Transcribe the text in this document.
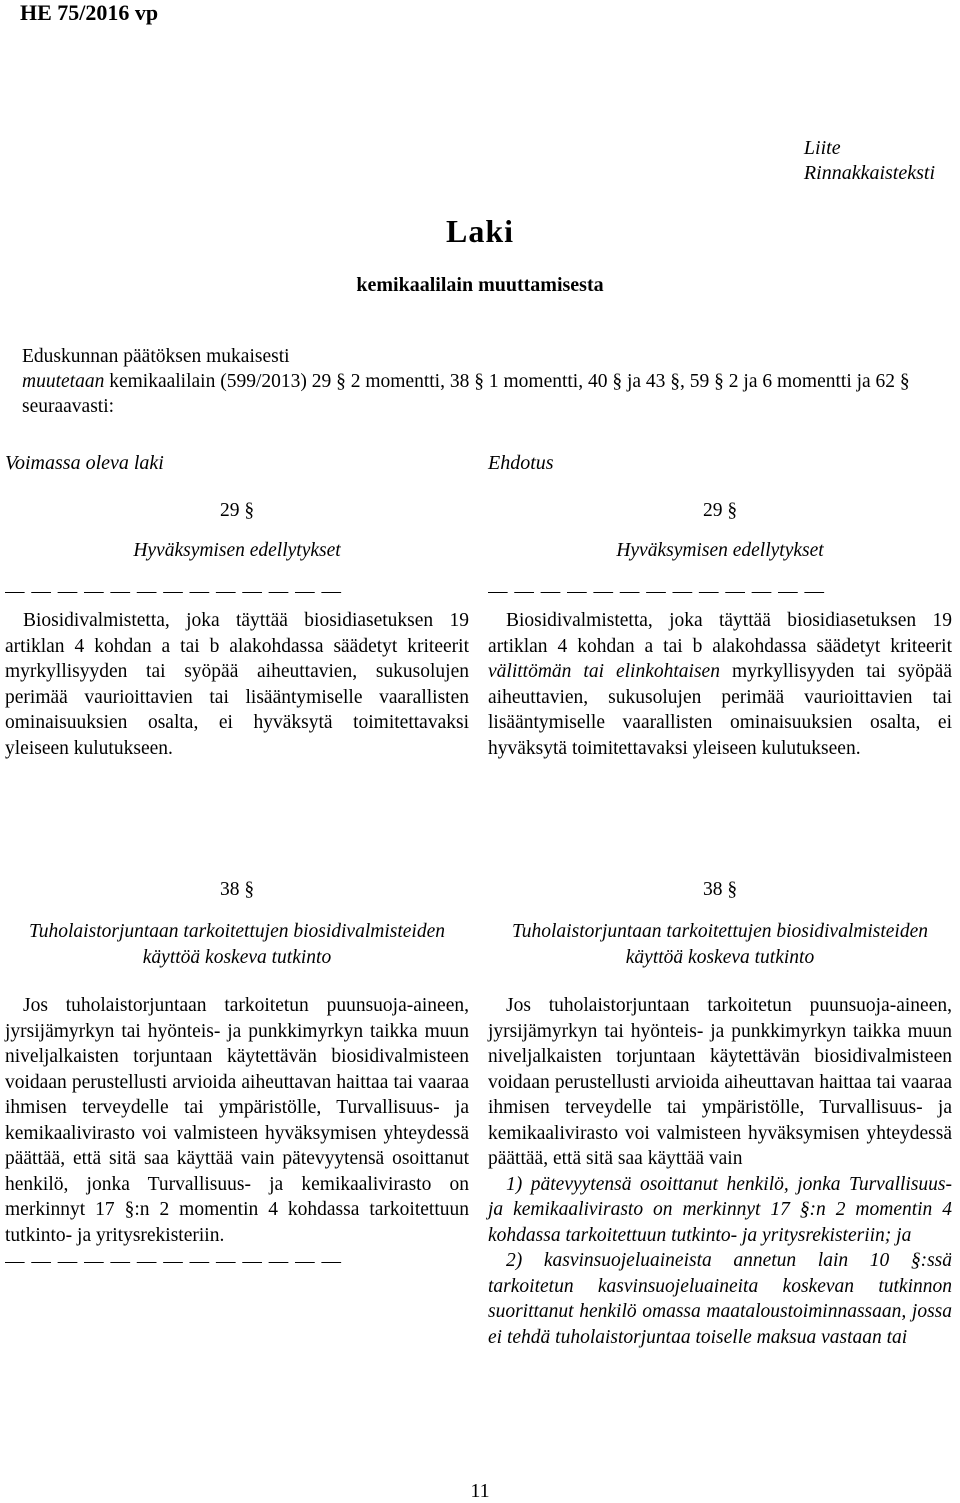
HE 75/2016 vp
Liite
Rinnakkaisteksti
Laki
kemikaalilain muuttamisesta

Eduskunnan päätöksen mukaisesti

muutetaan kemikaalilain (599/2013) 29 § 2 momentti, 38 § 1 momentti, 40 § ja 43 §, 59 § 2 ja 6 momentti ja 62 § seuraavasti:

Voimassa oleva laki	Ehdotus
29 §
Hyväksymisen edellytykset
— — — — — — — — — — — — —

Biosidivalmistetta, joka täyttää biosidiasetuksen 19 artiklan 4 kohdan a tai b alakohdassa säädetyt kriteerit myrkyllisyyden tai syöpää aiheuttavien, sukusolujen perimää vaurioittavien tai lisääntymiselle vaarallisten ominaisuuksien osalta, ei hyväksytä toimitettavaksi yleiseen kulutukseen.

29 §
Hyväksymisen edellytykset
— — — — — — — — — — — — —

Biosidivalmistetta, joka täyttää biosidiasetuksen 19 artiklan 4 kohdan a tai b alakohdassa säädetyt kriteerit välittömän tai elinkohtaisen myrkyllisyyden tai syöpää aiheuttavien, sukusolujen perimää vaurioittavien tai lisääntymiselle vaarallisten ominaisuuksien osalta, ei hyväksytä toimitettavaksi yleiseen kulutukseen.

38 §
Tuholaistorjuntaan tarkoitettujen biosidivalmisteiden käyttöä koskeva tutkinto

Jos tuholaistorjuntaan tarkoitetun puunsuoja-aineen, jyrsijämyrkyn tai hyönteis- ja punkkimyrkyn taikka muun niveljalkaisten torjuntaan käytettävän biosidivalmisteen voidaan perustellusti arvioida aiheuttavan haittaa tai vaaraa ihmisen terveydelle tai ympäristölle, Turvallisuus- ja kemikaalivirasto voi valmisteen hyväksymisen yhteydessä päättää, että sitä saa käyttää vain pätevyytensä osoittanut henkilö, jonka Turvallisuus- ja kemikaalivirasto on merkinnyt 17 §:n 2 momentin 4 kohdassa tarkoitettuun tutkinto- ja yritysrekisteriin.

— — — — — — — — — — — — —
38 §
Tuholaistorjuntaan tarkoitettujen biosidivalmisteiden käyttöä koskeva tutkinto

Jos tuholaistorjuntaan tarkoitetun puunsuoja-aineen, jyrsijämyrkyn tai hyönteis- ja punkkimyrkyn taikka muun niveljalkaisten torjuntaan käytettävän biosidivalmisteen voidaan perustellusti arvioida aiheuttavan haittaa tai vaaraa ihmisen terveydelle tai ympäristölle, Turvallisuus- ja kemikaalivirasto voi valmisteen hyväksymisen yhteydessä päättää, että sitä saa käyttää vain

1) pätevyytensä osoittanut henkilö, jonka Turvallisuus- ja kemikaalivirasto on merkinnyt 17 §:n 2 momentin 4 kohdassa tarkoitettuun tutkinto- ja yritysrekisteriin; ja

2) kasvinsuojeluaineista annetun lain 10 §:ssä tarkoitetun kasvinsuojeluaineita koskevan tutkinnon suorittanut henkilö omassa maataloustoiminnassaan, jossa ei tehdä tuholaistorjuntaa toiselle maksua vastaan tai

11
